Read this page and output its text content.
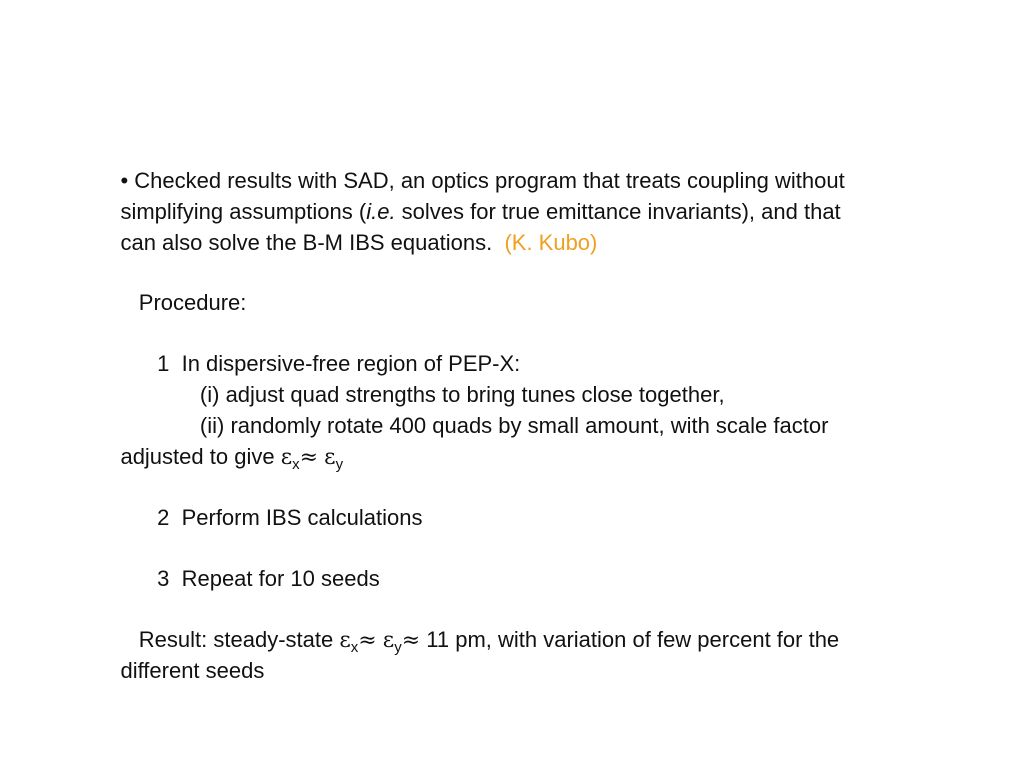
• Checked results with SAD, an optics program that treats coupling without

simplifying assumptions (i.e. solves for true emittance invariants), and that

can also solve the B-M IBS equations.  (K. Kubo)

Procedure:

1  In dispersive-free region of PEP-X:

(i) adjust quad strengths to bring tunes close together,

(ii) randomly rotate 400 quads by small amount, with scale factor

adjusted to give $\varepsilon_x\approx \varepsilon_y$

2  Perform IBS calculations

3  Repeat for 10 seeds

Result: steady-state $\varepsilon_x\approx \varepsilon_y\approx 11$ pm, with variation of few percent for the

different seeds
